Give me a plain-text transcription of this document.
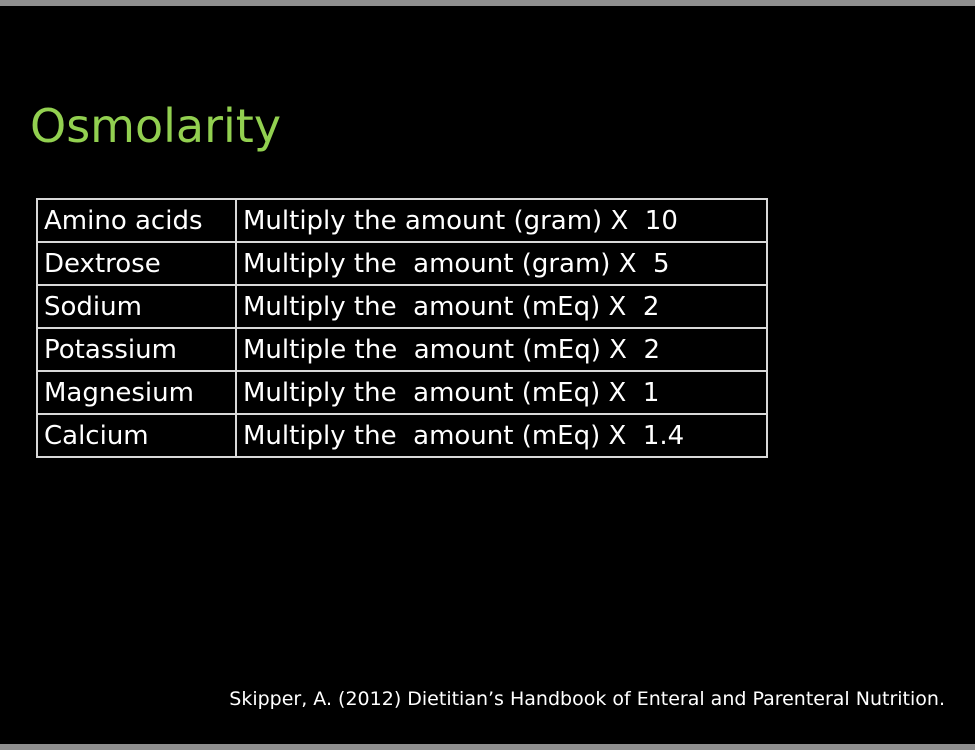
Osmolarity
Amino acids	Multiply the amount (gram) X  10
Dextrose	Multiply the  amount (gram) X  5
Sodium	Multiply the  amount (mEq) X  2
Potassium	Multiple the  amount (mEq) X  2
Magnesium	Multiply the  amount (mEq) X  1
Calcium	Multiply the  amount (mEq) X  1.4

Skipper, A. (2012) Dietitian’s Handbook of Enteral and Parenteral Nutrition.
